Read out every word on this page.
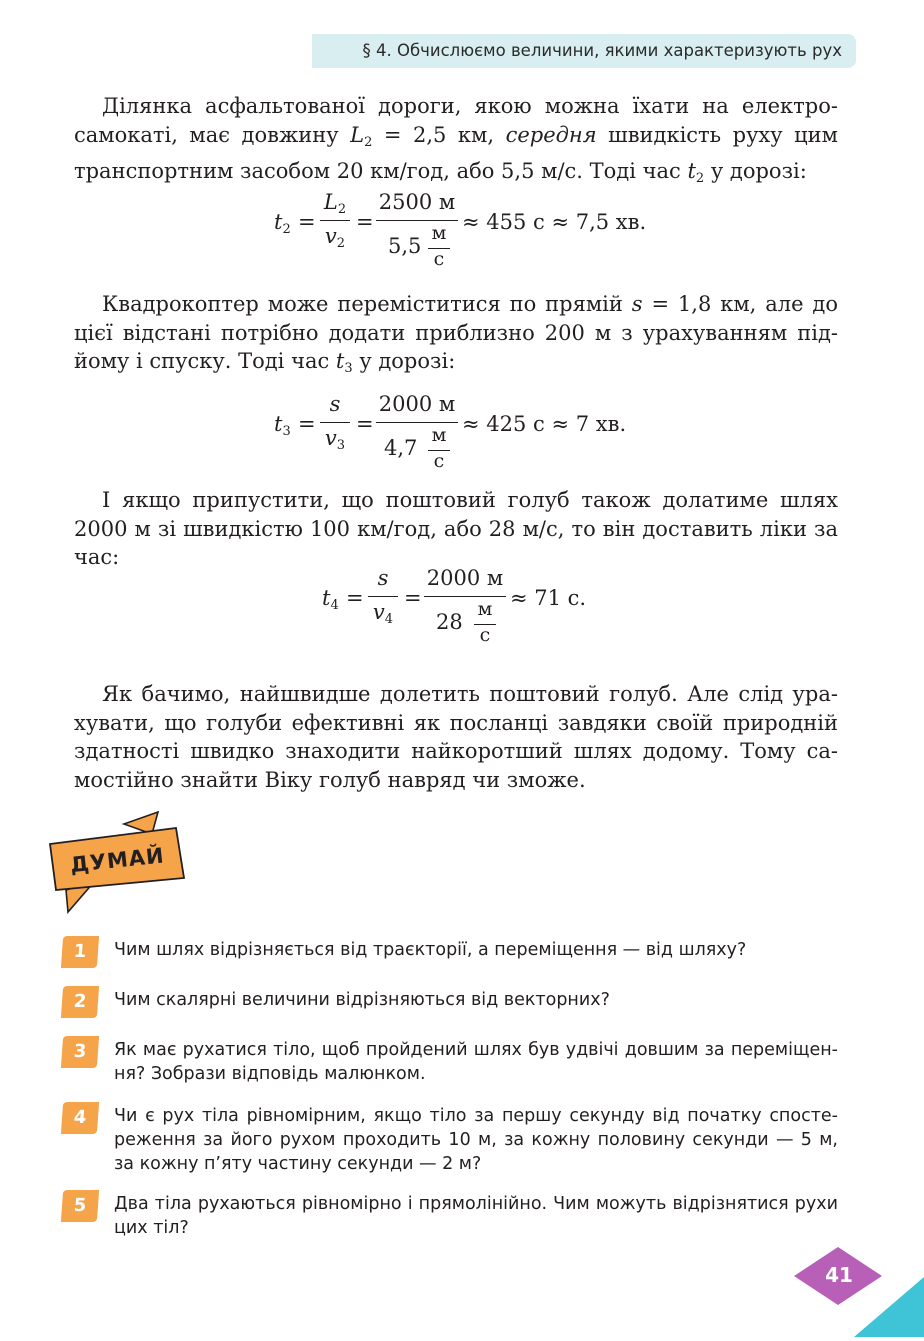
§ 4. Обчислюємо величини, якими характеризують рух
Ділянка асфальтованої дороги, якою можна їхати на електросамокаті, має довжину $L_2 = 2,5$ км, середня швидкість руху цим транспортним засобом 20 км/год, або 5,5 м/с. Тоді час $t_2$ у дорозі:
$t_2$ =
$L_2$
$v_2$
=
2500 м
5,5
м
с
≈ 455 с ≈ 7,5 хв.
Квадрокоптер може переміститися по прямій s = 1,8 км, але до цієї відстані потрібно додати приблизно 200 м з урахуванням підйому і спуску. Тоді час $t_3$ у дорозі:
$t_3$ =
s
$v_3$
=
2000 м
4,7
м
с
≈ 425 с ≈ 7 хв.
І якщо припустити, що поштовий голуб також долатиме шлях 2000 м зі швидкістю 100 км/год, або 28 м/с, то він доставить ліки за час:
$t_4$ =
s
$v_4$
=
2000 м
28
м
с
≈ 71 с.
Як бачимо, найшвидше долетить поштовий голуб. Але слід урахувати, що голуби ефективні як посланці завдяки своїй природній здатності швидко знаходити найкоротший шлях додому. Тому самостійно знайти Віку голуб навряд чи зможе.
ДУМАЙ
1	Чим шлях відрізняється від траєкторії, а переміщення — від шляху?
2	Чим скалярні величини відрізняються від векторних?
3	Як має рухатися тіло, щоб пройдений шлях був удвічі довшим за переміщення? Зобрази відповідь малюнком.
4	Чи є рух тіла рівномірним, якщо тіло за першу секунду від початку спостереження за його рухом проходить 10 м, за кожну половину секунди — 5 м, за кожну п’яту частину секунди — 2 м?
5	Два тіла рухаються рівномірно і прямолінійно. Чим можуть відрізнятися рухи цих тіл?
41
